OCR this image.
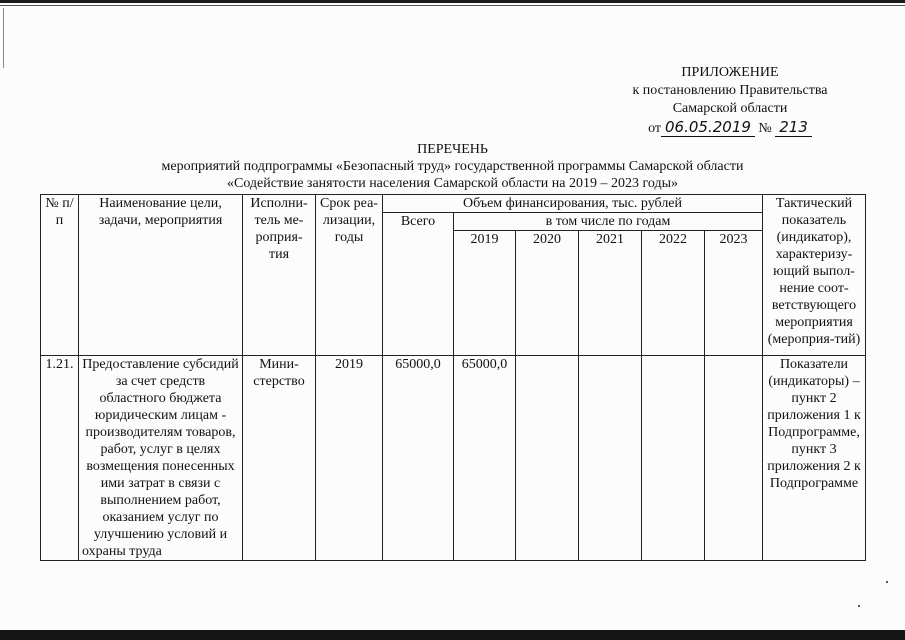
ПРИЛОЖЕНИЕ
к постановлению Правительства
Самарской области
от 06.05.2019 № 213
ПЕРЕЧЕНЬ
мероприятий подпрограммы «Безопасный труд» государственной программы Самарской области
«Содействие занятости населения Самарской области на 2019 – 2023 годы»
№ п/п	Наименование цели, задачи, мероприятия	Исполни-тель ме-роприя-тия	Срок реа-лизации, годы	Объем финансирования, тыс. рублей						Тактический показатель (индикатор), характеризу-ющий выпол-нение соот-ветствующего мероприятия (мероприя-тий)
				Всего	в том числе по годам					
					2019	2020	2021	2022	2023	
1.21.	Предоставление субсидий за счет средств областного бюджета юридическим лицам - производителям товаров, работ, услуг в целях возмещения понесенных ими затрат в связи с выполнением работ, оказанием услуг по улучшению условий и охраны труда	Мини-стерство	2019	65000,0	65000,0					Показатели (индикаторы) – пункт 2 приложения 1 к Подпрограмме, пункт 3 приложения 2 к Подпрограмме
